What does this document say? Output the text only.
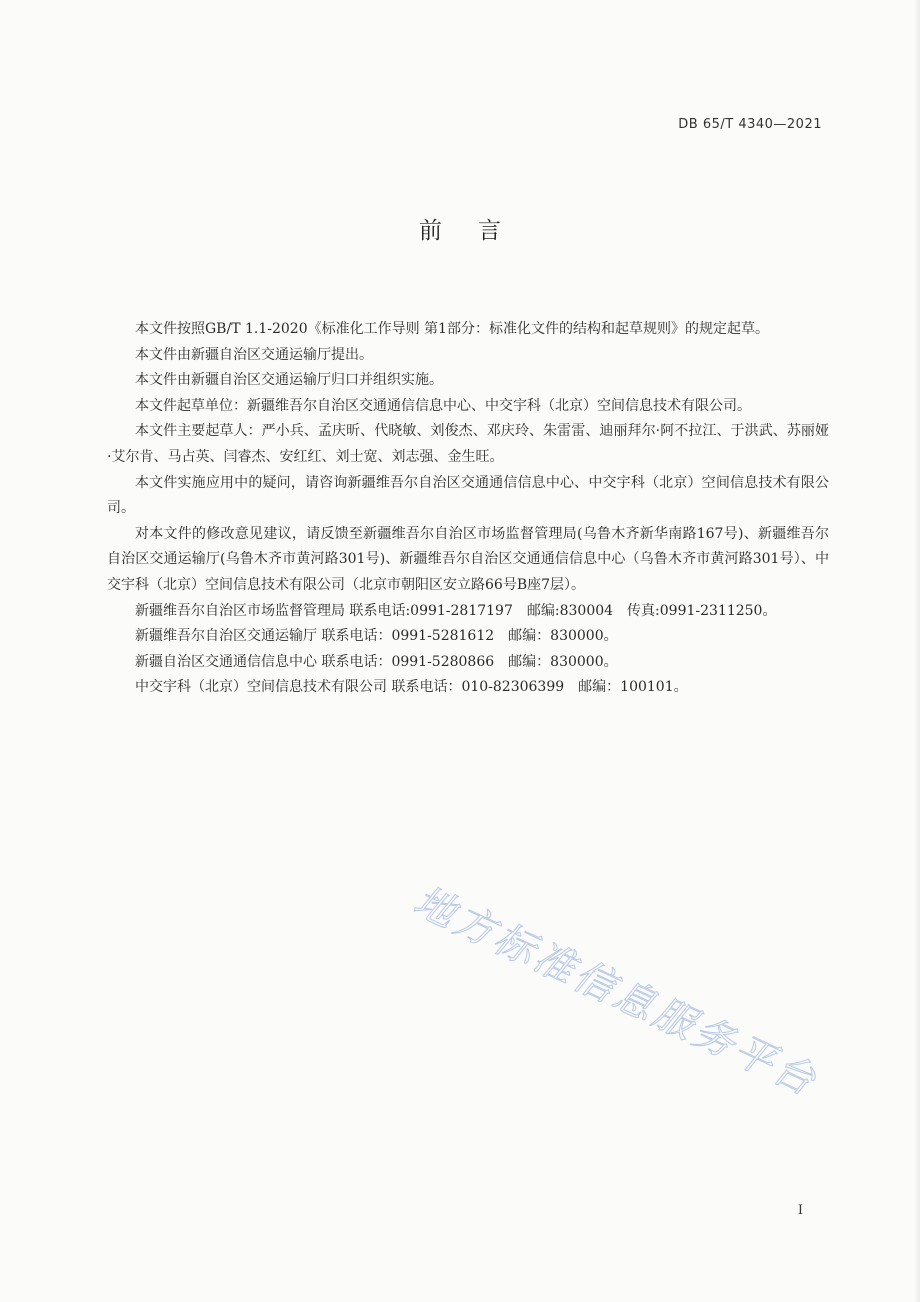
DB 65/T 4340—2021
前言

本文件按照GB/T 1.1-2020《标准化工作导则 第1部分：标准化文件的结构和起草规则》的规定起草。

本文件由新疆自治区交通运输厅提出。

本文件由新疆自治区交通运输厅归口并组织实施。

本文件起草单位：新疆维吾尔自治区交通通信信息中心、中交宇科（北京）空间信息技术有限公司。

本文件主要起草人：严小兵、孟庆昕、代晓敏、刘俊杰、邓庆玲、朱雷雷、迪丽拜尔·阿不拉江、于洪武、苏丽娅·艾尔肯、马占英、闫睿杰、安红红、刘士宽、刘志强、金生旺。

本文件实施应用中的疑问，请咨询新疆维吾尔自治区交通通信信息中心、中交宇科（北京）空间信息技术有限公司。

对本文件的修改意见建议，请反馈至新疆维吾尔自治区市场监督管理局(乌鲁木齐新华南路167号)、新疆维吾尔自治区交通运输厅(乌鲁木齐市黄河路301号)、新疆维吾尔自治区交通通信信息中心（乌鲁木齐市黄河路301号）、中交宇科（北京）空间信息技术有限公司（北京市朝阳区安立路66号B座7层）。

新疆维吾尔自治区市场监督管理局 联系电话:0991-2817197　邮编:830004　传真:0991-2311250。

新疆维吾尔自治区交通运输厅 联系电话：0991-5281612　邮编：830000。

新疆自治区交通通信信息中心 联系电话：0991-5280866　邮编：830000。

中交宇科（北京）空间信息技术有限公司 联系电话：010-82306399　邮编：100101。

地方标准信息服务平台
I
